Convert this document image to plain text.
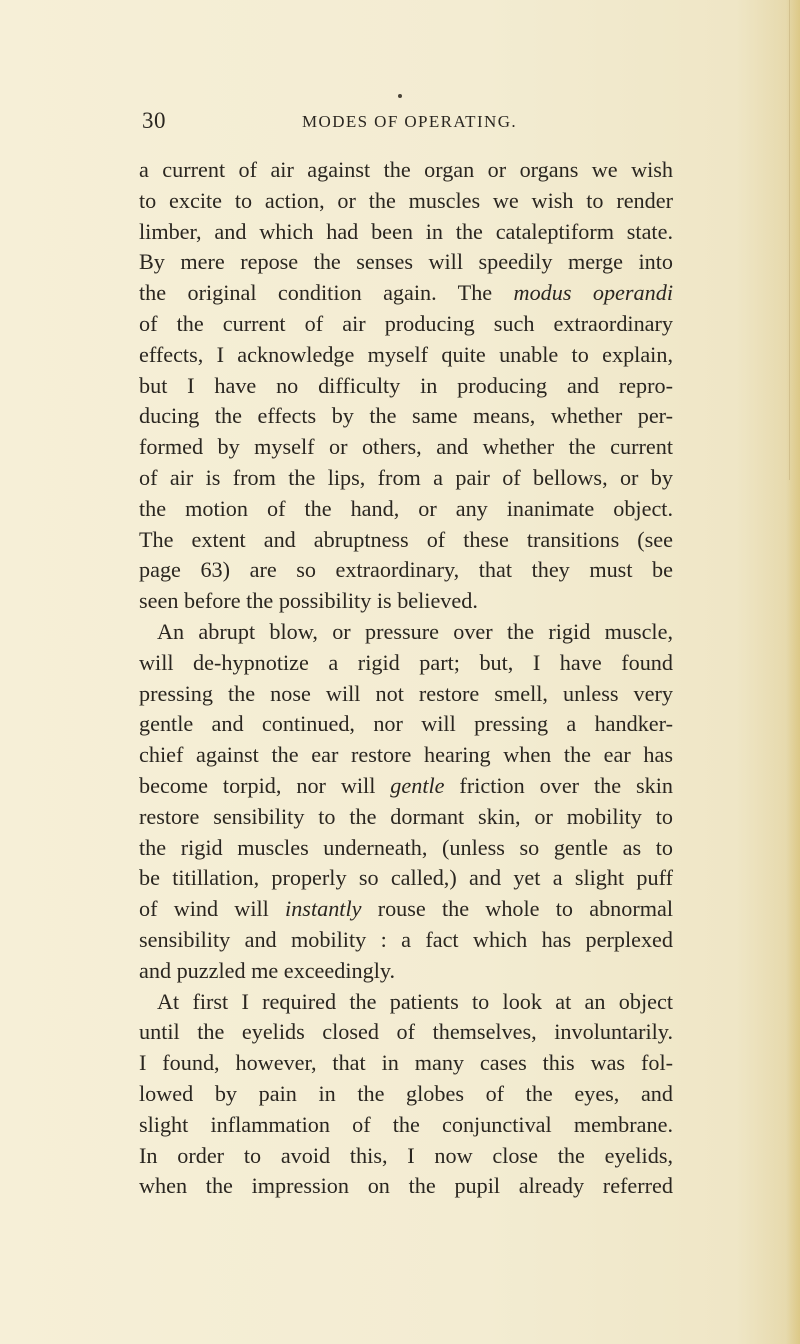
30	MODES OF OPERATING.
a current of air against the organ or organs we wish
to excite to action, or the muscles we wish to render
limber, and which had been in the cataleptiform state.
By mere repose the senses will speedily merge into
the original condition again. The modus operandi
of the current of air producing such extraordinary
effects, I acknowledge myself quite unable to explain,
but I have no difficulty in producing and repro-
ducing the effects by the same means, whether per-
formed by myself or others, and whether the current
of air is from the lips, from a pair of bellows, or by
the motion of the hand, or any inanimate object.
The extent and abruptness of these transitions (see
page 63) are so extraordinary, that they must be
seen before the possibility is believed.
An abrupt blow, or pressure over the rigid muscle,
will de-hypnotize a rigid part; but, I have found
pressing the nose will not restore smell, unless very
gentle and continued, nor will pressing a handker-
chief against the ear restore hearing when the ear has
become torpid, nor will gentle friction over the skin
restore sensibility to the dormant skin, or mobility to
the rigid muscles underneath, (unless so gentle as to
be titillation, properly so called,) and yet a slight puff
of wind will instantly rouse the whole to abnormal
sensibility and mobility : a fact which has perplexed
and puzzled me exceedingly.
At first I required the patients to look at an object
until the eyelids closed of themselves, involuntarily.
I found, however, that in many cases this was fol-
lowed by pain in the globes of the eyes, and
slight inflammation of the conjunctival membrane.
In order to avoid this, I now close the eyelids,
when the impression on the pupil already referred
